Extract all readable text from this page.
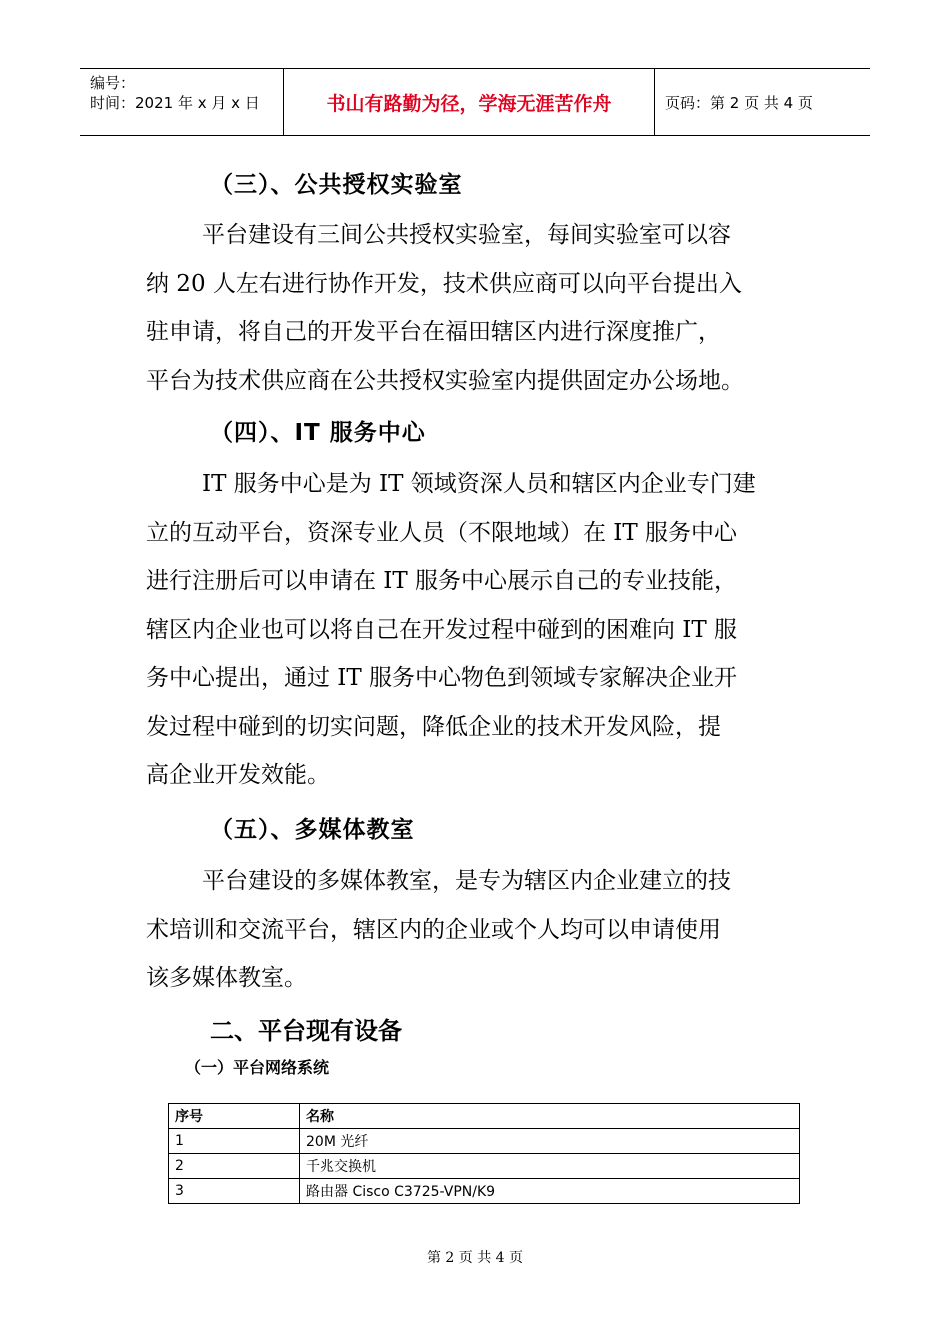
编号：
时间：2021 年 x 月 x 日	书山有路勤为径，学海无涯苦作舟	页码：第 2 页 共 4 页
（三）、公共授权实验室
平台建设有三间公共授权实验室，每间实验室可以容
纳 20 人左右进行协作开发，技术供应商可以向平台提出入
驻申请，将自己的开发平台在福田辖区内进行深度推广，
平台为技术供应商在公共授权实验室内提供固定办公场地。
（四）、IT 服务中心
IT 服务中心是为 IT 领域资深人员和辖区内企业专门建
立的互动平台，资深专业人员（不限地域）在 IT 服务中心
进行注册后可以申请在 IT 服务中心展示自己的专业技能，
辖区内企业也可以将自己在开发过程中碰到的困难向 IT 服
务中心提出，通过 IT 服务中心物色到领域专家解决企业开
发过程中碰到的切实问题，降低企业的技术开发风险，提
高企业开发效能。
（五）、多媒体教室
平台建设的多媒体教室，是专为辖区内企业建立的技
术培训和交流平台，辖区内的企业或个人均可以申请使用
该多媒体教室。
二、平台现有设备
（一）平台网络系统
序号	名称
1	20M 光纤
2	千兆交换机
3	路由器 Cisco C3725-VPN/K9
第 2 页 共 4 页
